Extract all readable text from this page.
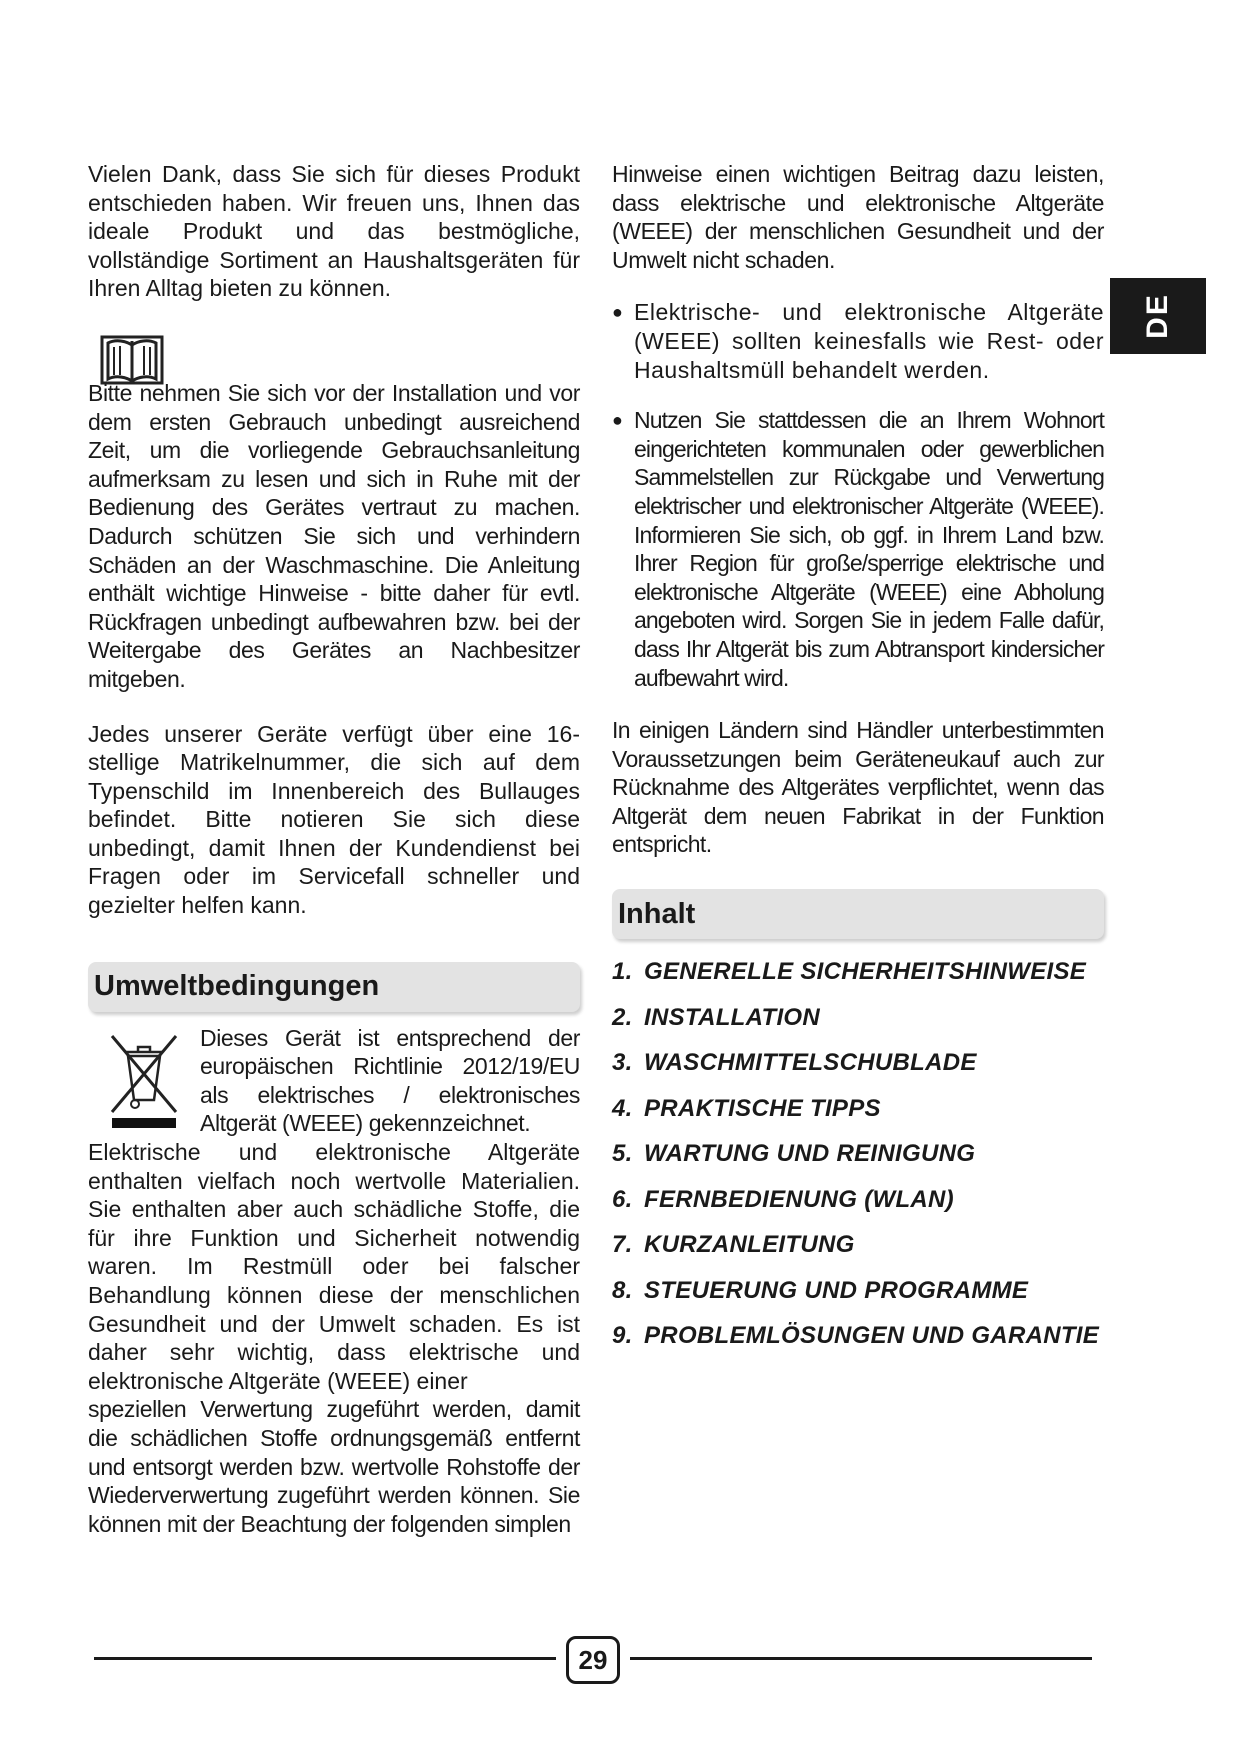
Vielen Dank, dass Sie sich für dieses Produkt entschieden haben. Wir freuen uns, Ihnen das ideale Produkt und das bestmögliche, vollständige Sortiment an Haushaltsgeräten für Ihren Alltag bieten zu können.

Bitte nehmen Sie sich vor der Installation und vor dem ersten Gebrauch unbedingt ausreichend Zeit, um die vorliegende Gebrauchsanleitung aufmerksam zu lesen und sich in Ruhe mit der Bedienung des Gerätes vertraut zu machen. Dadurch schützen Sie sich und verhindern Schäden an der Waschmaschine. Die Anleitung enthält wichtige Hinweise - bitte daher für evtl. Rückfragen unbedingt aufbewahren bzw. bei der Weitergabe des Gerätes an Nachbesitzer mitgeben.

Jedes unserer Geräte verfügt über eine 16-stellige Matrikelnummer, die sich auf dem Typenschild im Innenbereich des Bullauges befindet. Bitte notieren Sie sich diese unbedingt, damit Ihnen der Kundendienst bei Fragen oder im Servicefall schneller und gezielter helfen kann.

Umweltbedingungen

Dieses Gerät ist entsprechend der europäischen Richtlinie 2012/19/EU als elektrisches / elektronisches Altgerät (WEEE) gekennzeichnet.

Elektrische und elektronische Altgeräte enthalten vielfach noch wertvolle Materialien. Sie enthalten aber auch schädliche Stoffe, die für ihre Funktion und Sicherheit notwendig waren. Im Restmüll oder bei falscher Behandlung können diese der menschlichen Gesundheit und der Umwelt schaden. Es ist daher sehr wichtig, dass elektrische und elektronische Altgeräte (WEEE) einer

speziellen Verwertung zugeführt werden, damit die schädlichen Stoffe ordnungsgemäß entfernt und entsorgt werden bzw. wertvolle Rohstoffe der Wiederverwertung zugeführt werden können. Sie können mit der Beachtung der folgenden simplen

Hinweise einen wichtigen Beitrag dazu leisten, dass elektrische und elektronische Altgeräte (WEEE) der menschlichen Gesundheit und der Umwelt nicht schaden.

● Elektrische- und elektronische Altgeräte (WEEE) sollten keinesfalls wie Rest- oder Haushaltsmüll behandelt werden.

● Nutzen Sie stattdessen die an Ihrem Wohnort eingerichteten kommunalen oder gewerblichen Sammelstellen zur Rückgabe und Verwertung elektrischer und elektronischer Altgeräte (WEEE). Informieren Sie sich, ob ggf. in Ihrem Land bzw. Ihrer Region für große/sperrige elektrische und elektronische Altgeräte (WEEE) eine Abholung angeboten wird. Sorgen Sie in jedem Falle dafür, dass Ihr Altgerät bis zum Abtransport kindersicher aufbewahrt wird.

In einigen Ländern sind Händler unterbestimmten Voraussetzungen beim Geräteneukauf auch zur Rücknahme des Altgerätes verpflichtet, wenn das Altgerät dem neuen Fabrikat in der Funktion entspricht.

Inhalt
1. GENERELLE SICHERHEITSHINWEISE
2. INSTALLATION
3. WASCHMITTELSCHUBLADE
4. PRAKTISCHE TIPPS
5. WARTUNG UND REINIGUNG
6. FERNBEDIENUNG (WLAN)
7. KURZANLEITUNG
8. STEUERUNG UND PROGRAMME
9. PROBLEMLÖSUNGEN UND GARANTIE
DE
29
